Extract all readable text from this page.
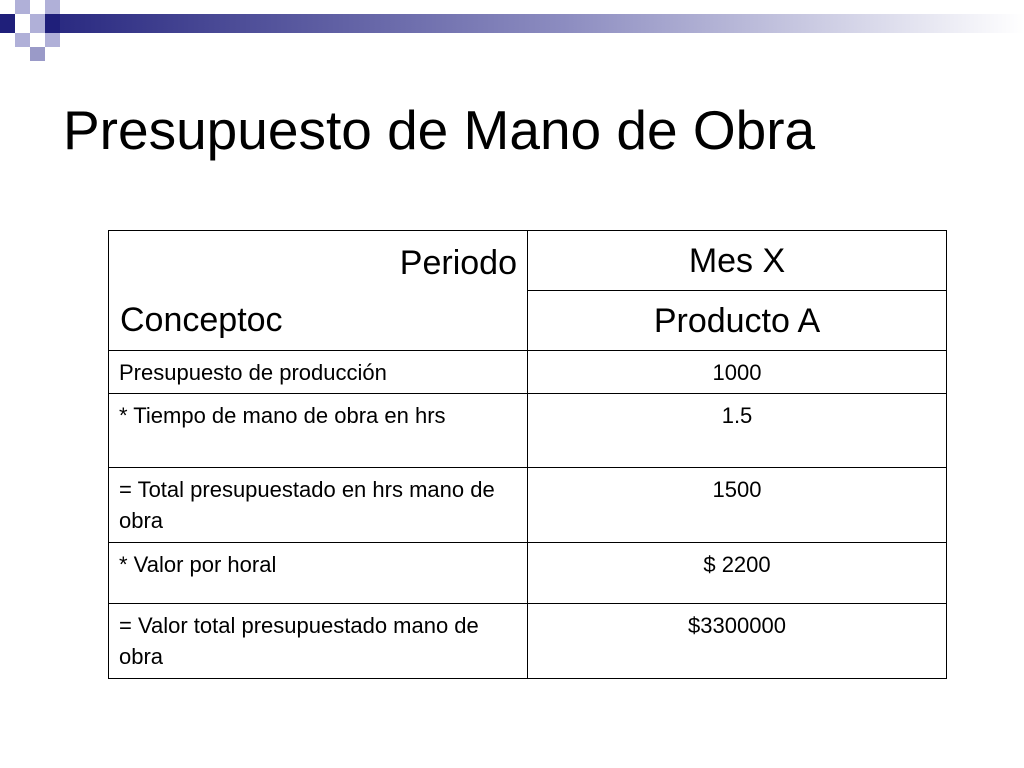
Presupuesto de Mano de Obra
Periodo
Conceptoc	Mes X
	Producto A
Presupuesto de producción	1000
* Tiempo de mano de obra en hrs	1.5
= Total presupuestado en hrs mano de obra	1500
* Valor por horal	$ 2200
= Valor total presupuestado mano de obra	$3300000
